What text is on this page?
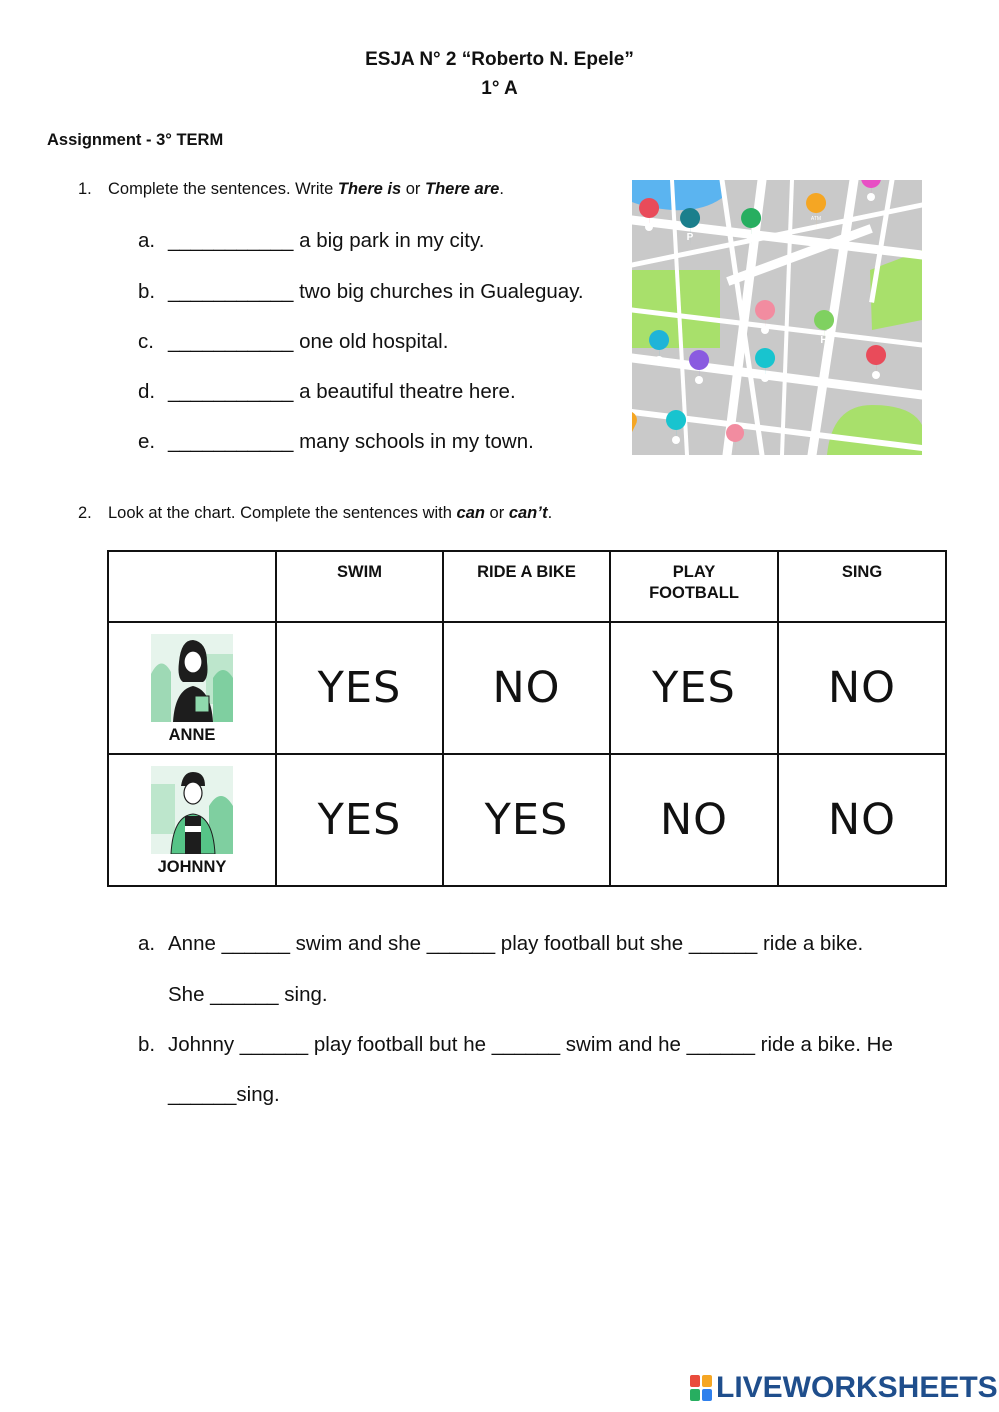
ESJA N° 2 “Roberto N. Epele”
1° A
Assignment - 3° TERM
1. Complete the sentences. Write There is or There are.
a. ___________ a big park in my city.
b. ___________ two big churches in Gualeguay.
c. ___________ one old hospital.
d. ___________ a beautiful theatre here.
e. ___________ many schools in my town.
P
ATM
H
2. Look at the chart. Complete the sentences with can or can’t.
	SWIM	RIDE A BIKE	PLAY
FOOTBALL	SING

ANNE	YES	NO	YES	NO

JOHNNY	YES	YES	NO	NO
a. Anne ______ swim and she ______ play football but she ______ ride a bike.
She ______ sing.
b. Johnny ______ play football but he ______ swim and he ______ ride a bike. He
______sing.
LIVEWORKSHEETS
